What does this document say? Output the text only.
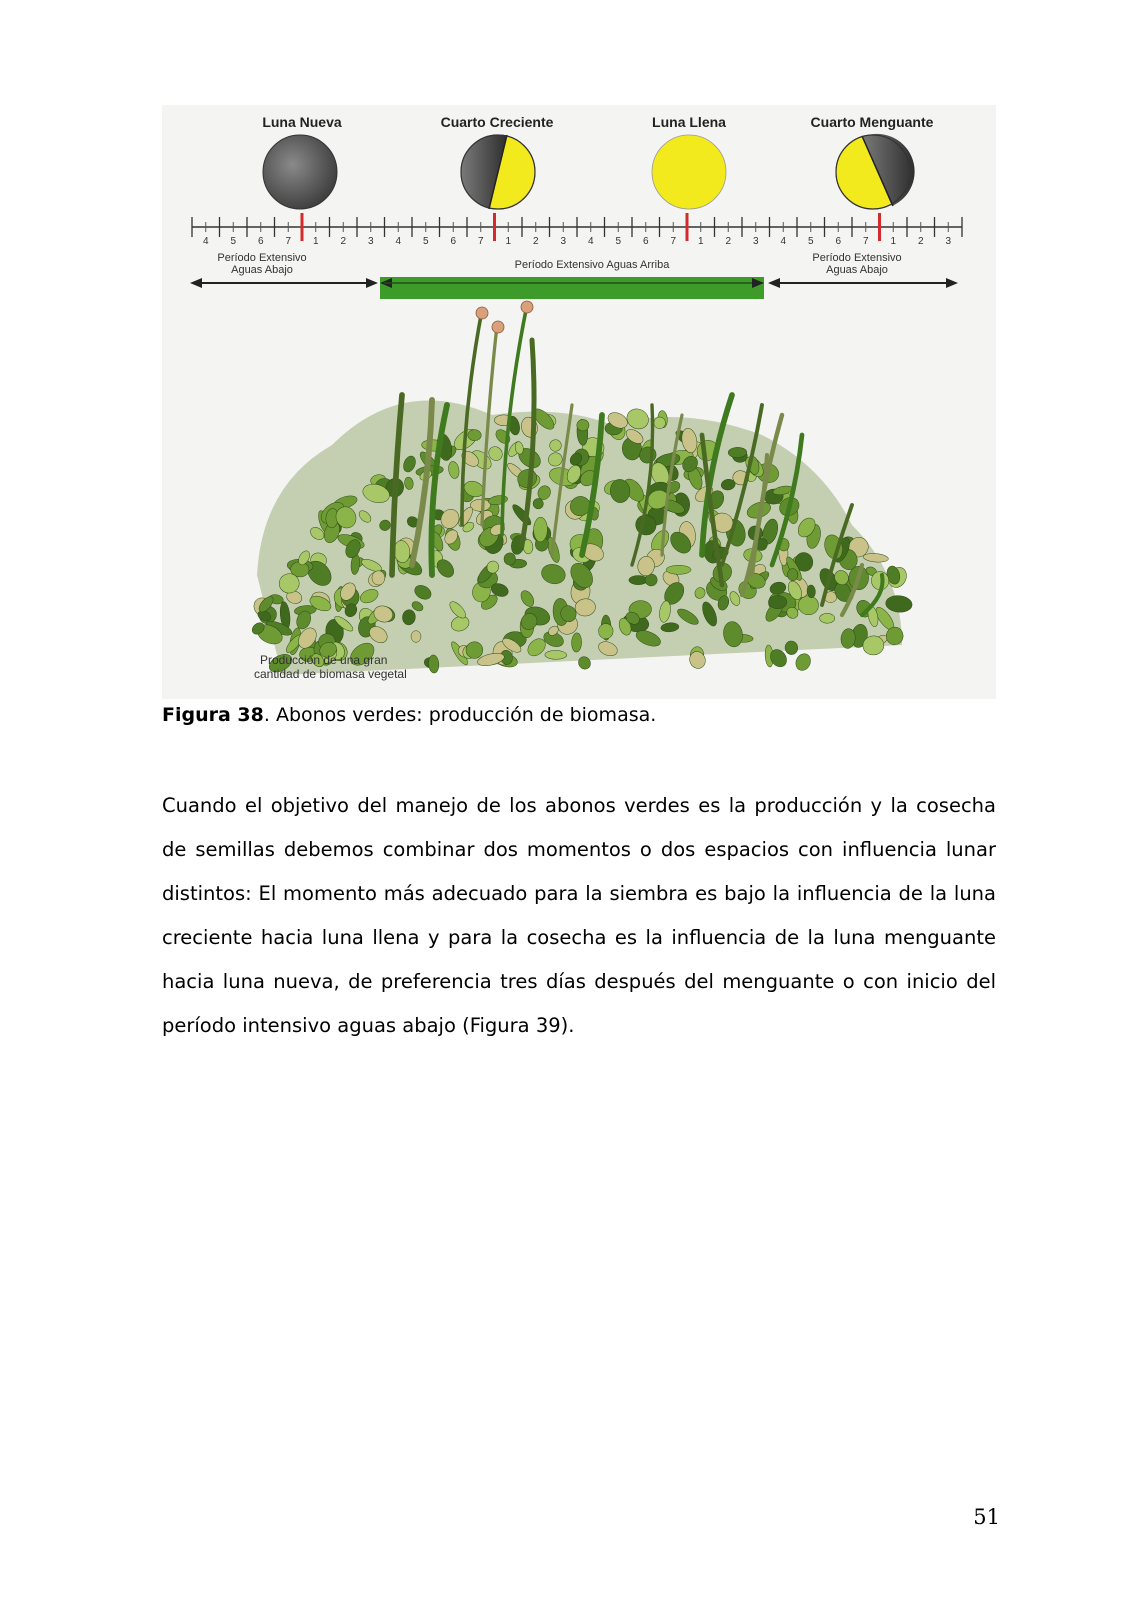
Luna Nueva	Cuarto Creciente	Luna Llena	Cuarto Menguante
4 5 6 7 1 2 3 4 5 6 7 1 2 3 4 5 6 7 1 2 3 4 5 6 7 1 2 3
Período Extensivo
Aguas Abajo	Período Extensivo Aguas Arriba
Período Extensivo
Aguas Abajo
Producción de una gran
cantidad de biomasa vegetal
Figura 38. Abonos verdes: producción de biomasa.

Cuando el objetivo del manejo de los abonos verdes es la producción y la cosecha de semillas debemos combinar dos momentos o dos espacios con influencia lunar distintos: El momento más adecuado para la siembra es bajo la influencia de la luna creciente hacia luna llena y para la cosecha es la influencia de la luna menguante hacia luna nueva, de preferencia tres días después del menguante o con inicio del período intensivo aguas abajo (Figura 39).

51
